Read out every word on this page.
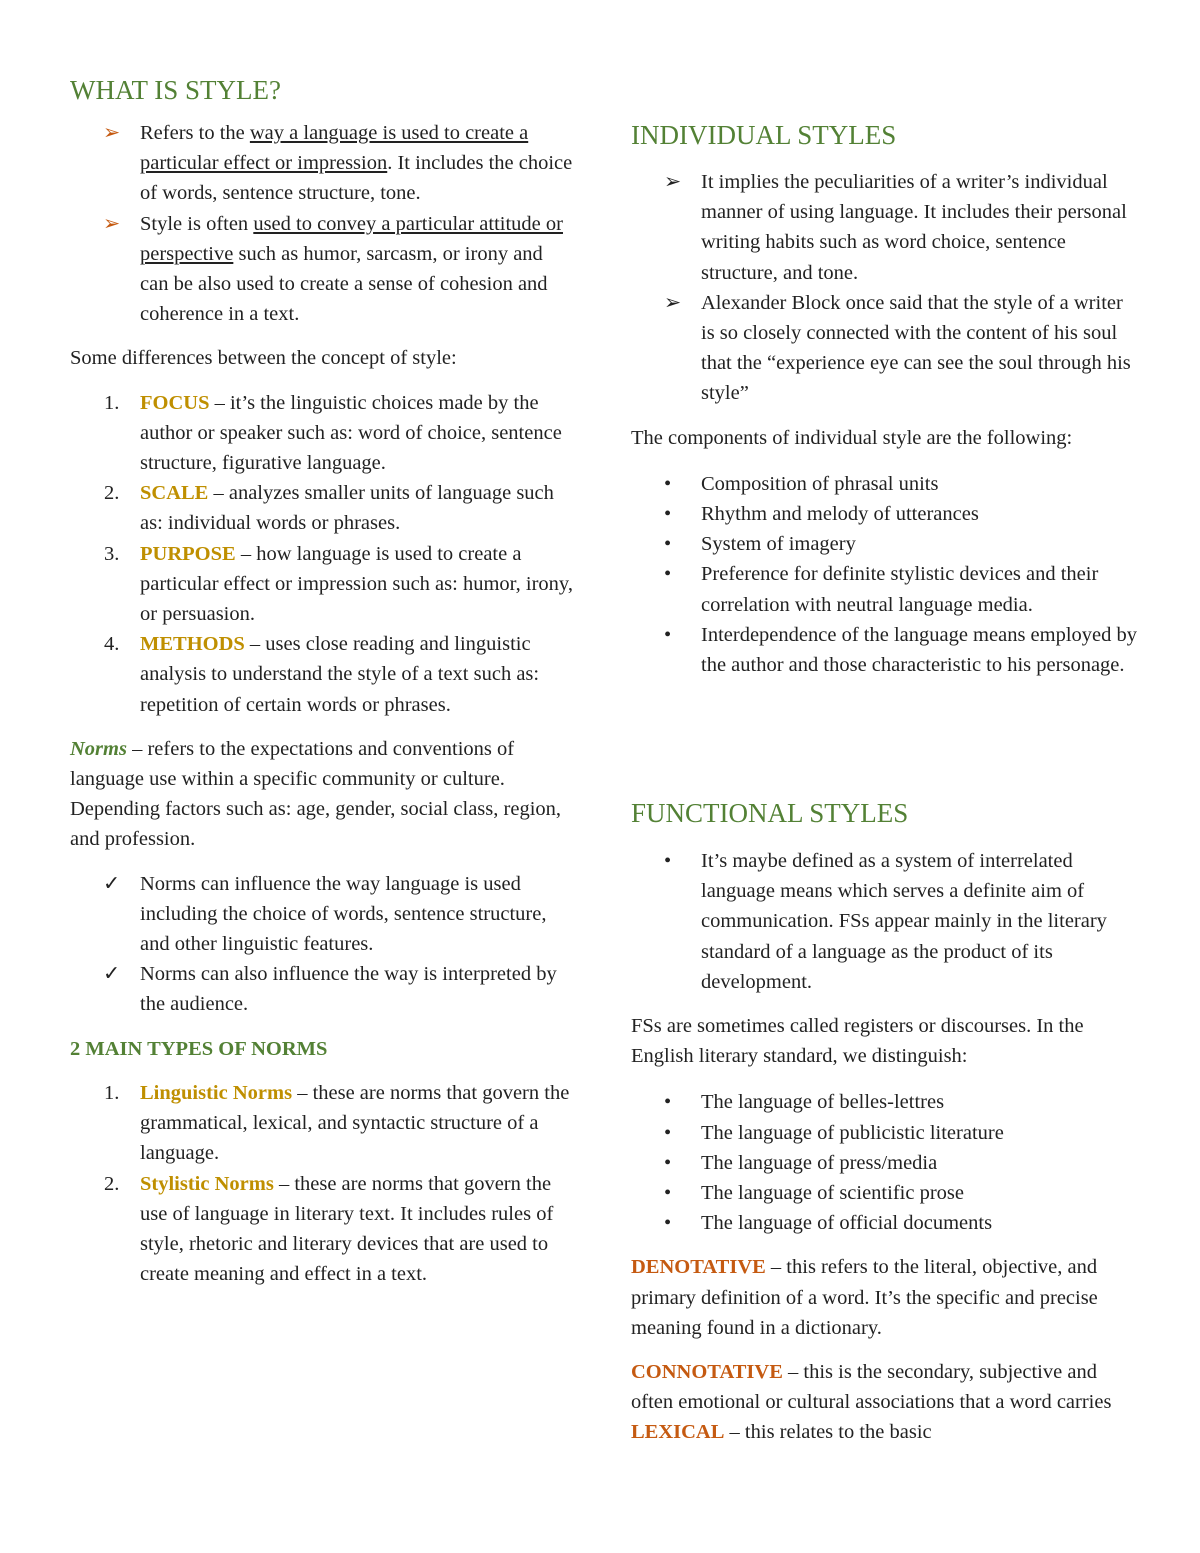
WHAT IS STYLE?
➢ Refers to the way a language is used to create a particular effect or impression. It includes the choice of words, sentence structure, tone.
➢ Style is often used to convey a particular attitude or perspective such as humor, sarcasm, or irony and can be also used to create a sense of cohesion and coherence in a text.

Some differences between the concept of style:

1. FOCUS – it’s the linguistic choices made by the author or speaker such as: word of choice, sentence structure, figurative language.
2. SCALE – analyzes smaller units of language such as: individual words or phrases.
3. PURPOSE – how language is used to create a particular effect or impression such as: humor, irony, or persuasion.
4. METHODS – uses close reading and linguistic analysis to understand the style of a text such as: repetition of certain words or phrases.

Norms – refers to the expectations and conventions of language use within a specific community or culture. Depending factors such as: age, gender, social class, region, and profession.

✓ Norms can influence the way language is used including the choice of words, sentence structure, and other linguistic features.
✓ Norms can also influence the way is interpreted by the audience.

2 MAIN TYPES OF NORMS

1. Linguistic Norms – these are norms that govern the grammatical, lexical, and syntactic structure of a language.
2. Stylistic Norms – these are norms that govern the use of language in literary text. It includes rules of style, rhetoric and literary devices that are used to create meaning and effect in a text.
INDIVIDUAL STYLES
➢ It implies the peculiarities of a writer’s individual manner of using language. It includes their personal writing habits such as word choice, sentence structure, and tone.
➢ Alexander Block once said that the style of a writer is so closely connected with the content of his soul that the “experience eye can see the soul through his style”

The components of individual style are the following:

• Composition of phrasal units
• Rhythm and melody of utterances
• System of imagery
• Preference for definite stylistic devices and their correlation with neutral language media.
• Interdependence of the language means employed by the author and those characteristic to his personage.
FUNCTIONAL STYLES
• It’s maybe defined as a system of interrelated language means which serves a definite aim of communication. FSs appear mainly in the literary standard of a language as the product of its development.

FSs are sometimes called registers or discourses. In the English literary standard, we distinguish:

• The language of belles-lettres
• The language of publicistic literature
• The language of press/media
• The language of scientific prose
• The language of official documents

DENOTATIVE – this refers to the literal, objective, and primary definition of a word. It’s the specific and precise meaning found in a dictionary.

CONNOTATIVE – this is the secondary, subjective and often emotional or cultural associations that a word carries LEXICAL – this relates to the basic
